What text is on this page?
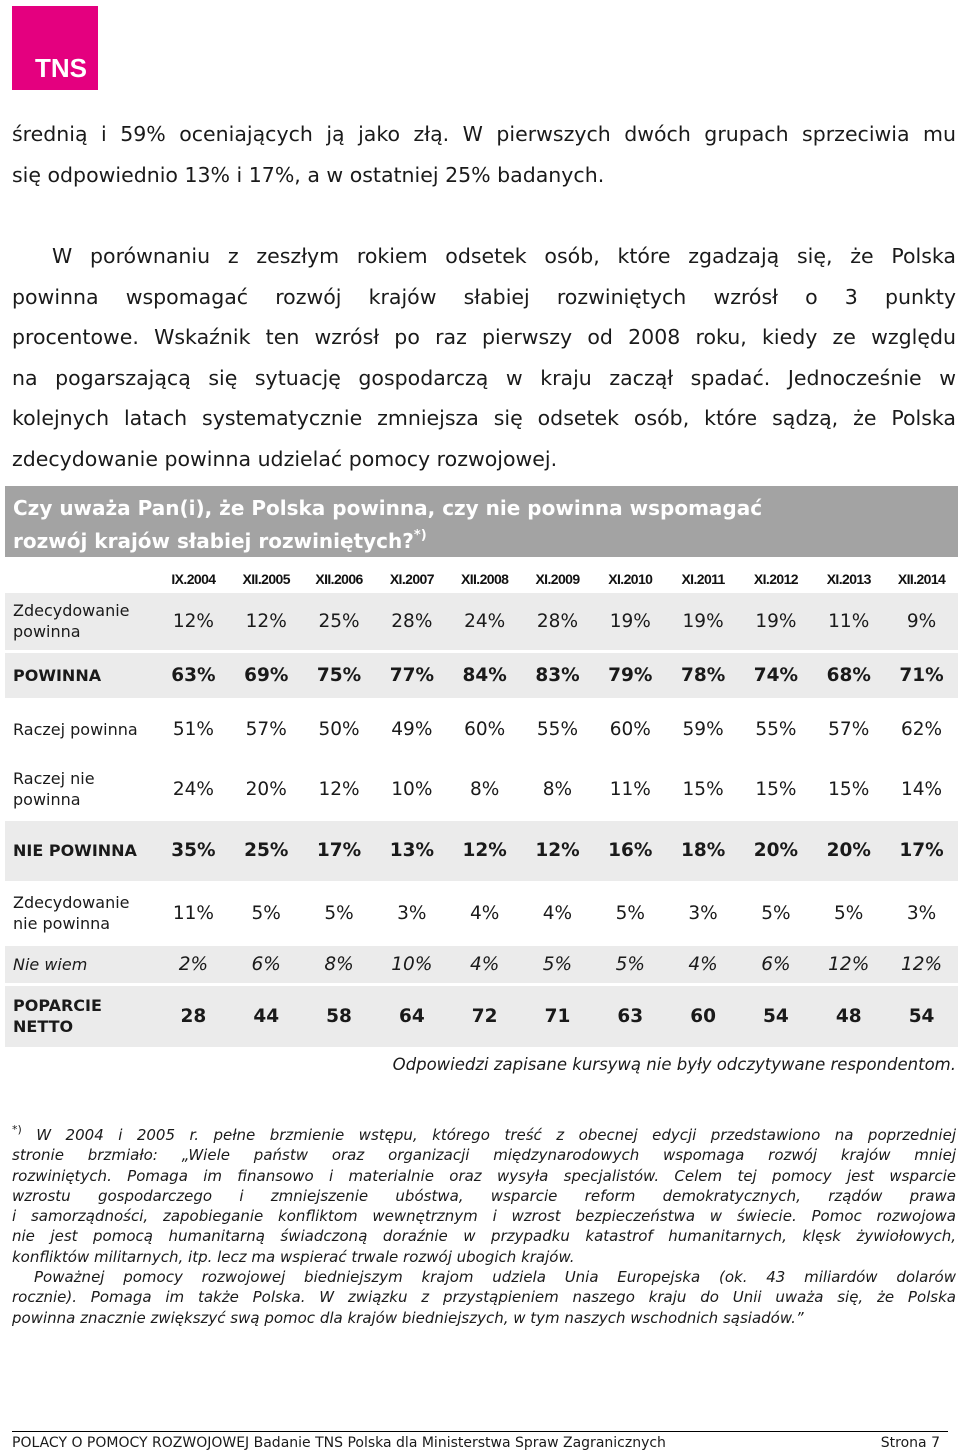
TNS
średnią i 59% oceniających ją jako złą. W pierwszych dwóch grupach sprzeciwia mu
się odpowiednio 13% i 17%, a w ostatniej 25% badanych.
W porównaniu z zeszłym rokiem odsetek osób, które zgadzają się, że Polska
powinna wspomagać rozwój krajów słabiej rozwiniętych wzrósł o 3 punkty
procentowe. Wskaźnik ten wzrósł po raz pierwszy od 2008 roku, kiedy ze względu
na pogarszającą się sytuację gospodarczą w kraju zaczął spadać. Jednocześnie w
kolejnych latach systematycznie zmniejsza się odsetek osób, które sądzą, że Polska
zdecydowanie powinna udzielać pomocy rozwojowej.
Czy uważa Pan(i), że Polska powinna, czy nie powinna wspomagać
rozwój krajów słabiej rozwiniętych?*)
	IX.2004	XII.2005	XII.2006	XI.2007	XII.2008	XI.2009	XI.2010	XI.2011	XI.2012	XI.2013	XII.2014
Zdecydowanie powinna	12%	12%	25%	28%	24%	28%	19%	19%	19%	11%	9%
POWINNA	63%	69%	75%	77%	84%	83%	79%	78%	74%	68%	71%
Raczej powinna	51%	57%	50%	49%	60%	55%	60%	59%	55%	57%	62%
Raczej nie powinna	24%	20%	12%	10%	8%	8%	11%	15%	15%	15%	14%
NIE POWINNA	35%	25%	17%	13%	12%	12%	16%	18%	20%	20%	17%
Zdecydowanie nie powinna	11%	5%	5%	3%	4%	4%	5%	3%	5%	5%	3%
Nie wiem	2%	6%	8%	10%	4%	5%	5%	4%	6%	12%	12%
POPARCIE NETTO	28	44	58	64	72	71	63	60	54	48	54
Odpowiedzi zapisane kursywą nie były odczytywane respondentom.
*) W 2004 i 2005 r. pełne brzmienie wstępu, którego treść z obecnej edycji przedstawiono na poprzedniej
stronie brzmiało: „Wiele państw oraz organizacji międzynarodowych wspomaga rozwój krajów mniej
rozwiniętych. Pomaga im finansowo i materialnie oraz wysyła specjalistów. Celem tej pomocy jest wsparcie
wzrostu gospodarczego i zmniejszenie ubóstwa, wsparcie reform demokratycznych, rządów prawa
i samorządności, zapobieganie konfliktom wewnętrznym i wzrost bezpieczeństwa w świecie. Pomoc rozwojowa
nie jest pomocą humanitarną świadczoną doraźnie w przypadku katastrof humanitarnych, klęsk żywiołowych,
konfliktów militarnych, itp. lecz ma wspierać trwale rozwój ubogich krajów.
Poważnej pomocy rozwojowej biedniejszym krajom udziela Unia Europejska (ok. 43 miliardów dolarów
rocznie). Pomaga im także Polska. W związku z przystąpieniem naszego kraju do Unii uważa się, że Polska
powinna znacznie zwiększyć swą pomoc dla krajów biedniejszych, w tym naszych wschodnich sąsiadów.”
POLACY O POMOCY ROZWOJOWEJ Badanie TNS Polska dla Ministerstwa Spraw Zagranicznych	Strona 7
